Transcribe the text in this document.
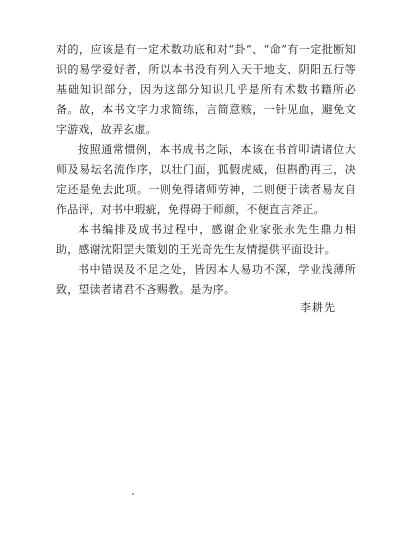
对的，应该是有一定术数功底和对“卦”、“命”有一定批断知识的易学爱好者，所以本书没有列入天干地支、阴阳五行等基础知识部分，因为这部分知识几乎是所有术数书籍所必备。故，本书文字力求简练，言简意赅，一针见血，避免文字游戏，故弄玄虚。

按照通常惯例，本书成书之际，本该在书首叩请诸位大师及易坛名流作序，以壮门面，狐假虎威，但斟酌再三，决定还是免去此项。一则免得诸师劳神，二则便于读者易友自作品评，对书中瑕疵，免得碍于师颜，不便直言斧正。

本书编排及成书过程中，感谢企业家张永先生鼎力相助，感谢沈阳罡夫策划的王光奇先生友情提供平面设计。

书中错误及不足之处，皆因本人易功不深，学业浅薄所致，望读者诸君不吝赐教。是为序。

李耕先
